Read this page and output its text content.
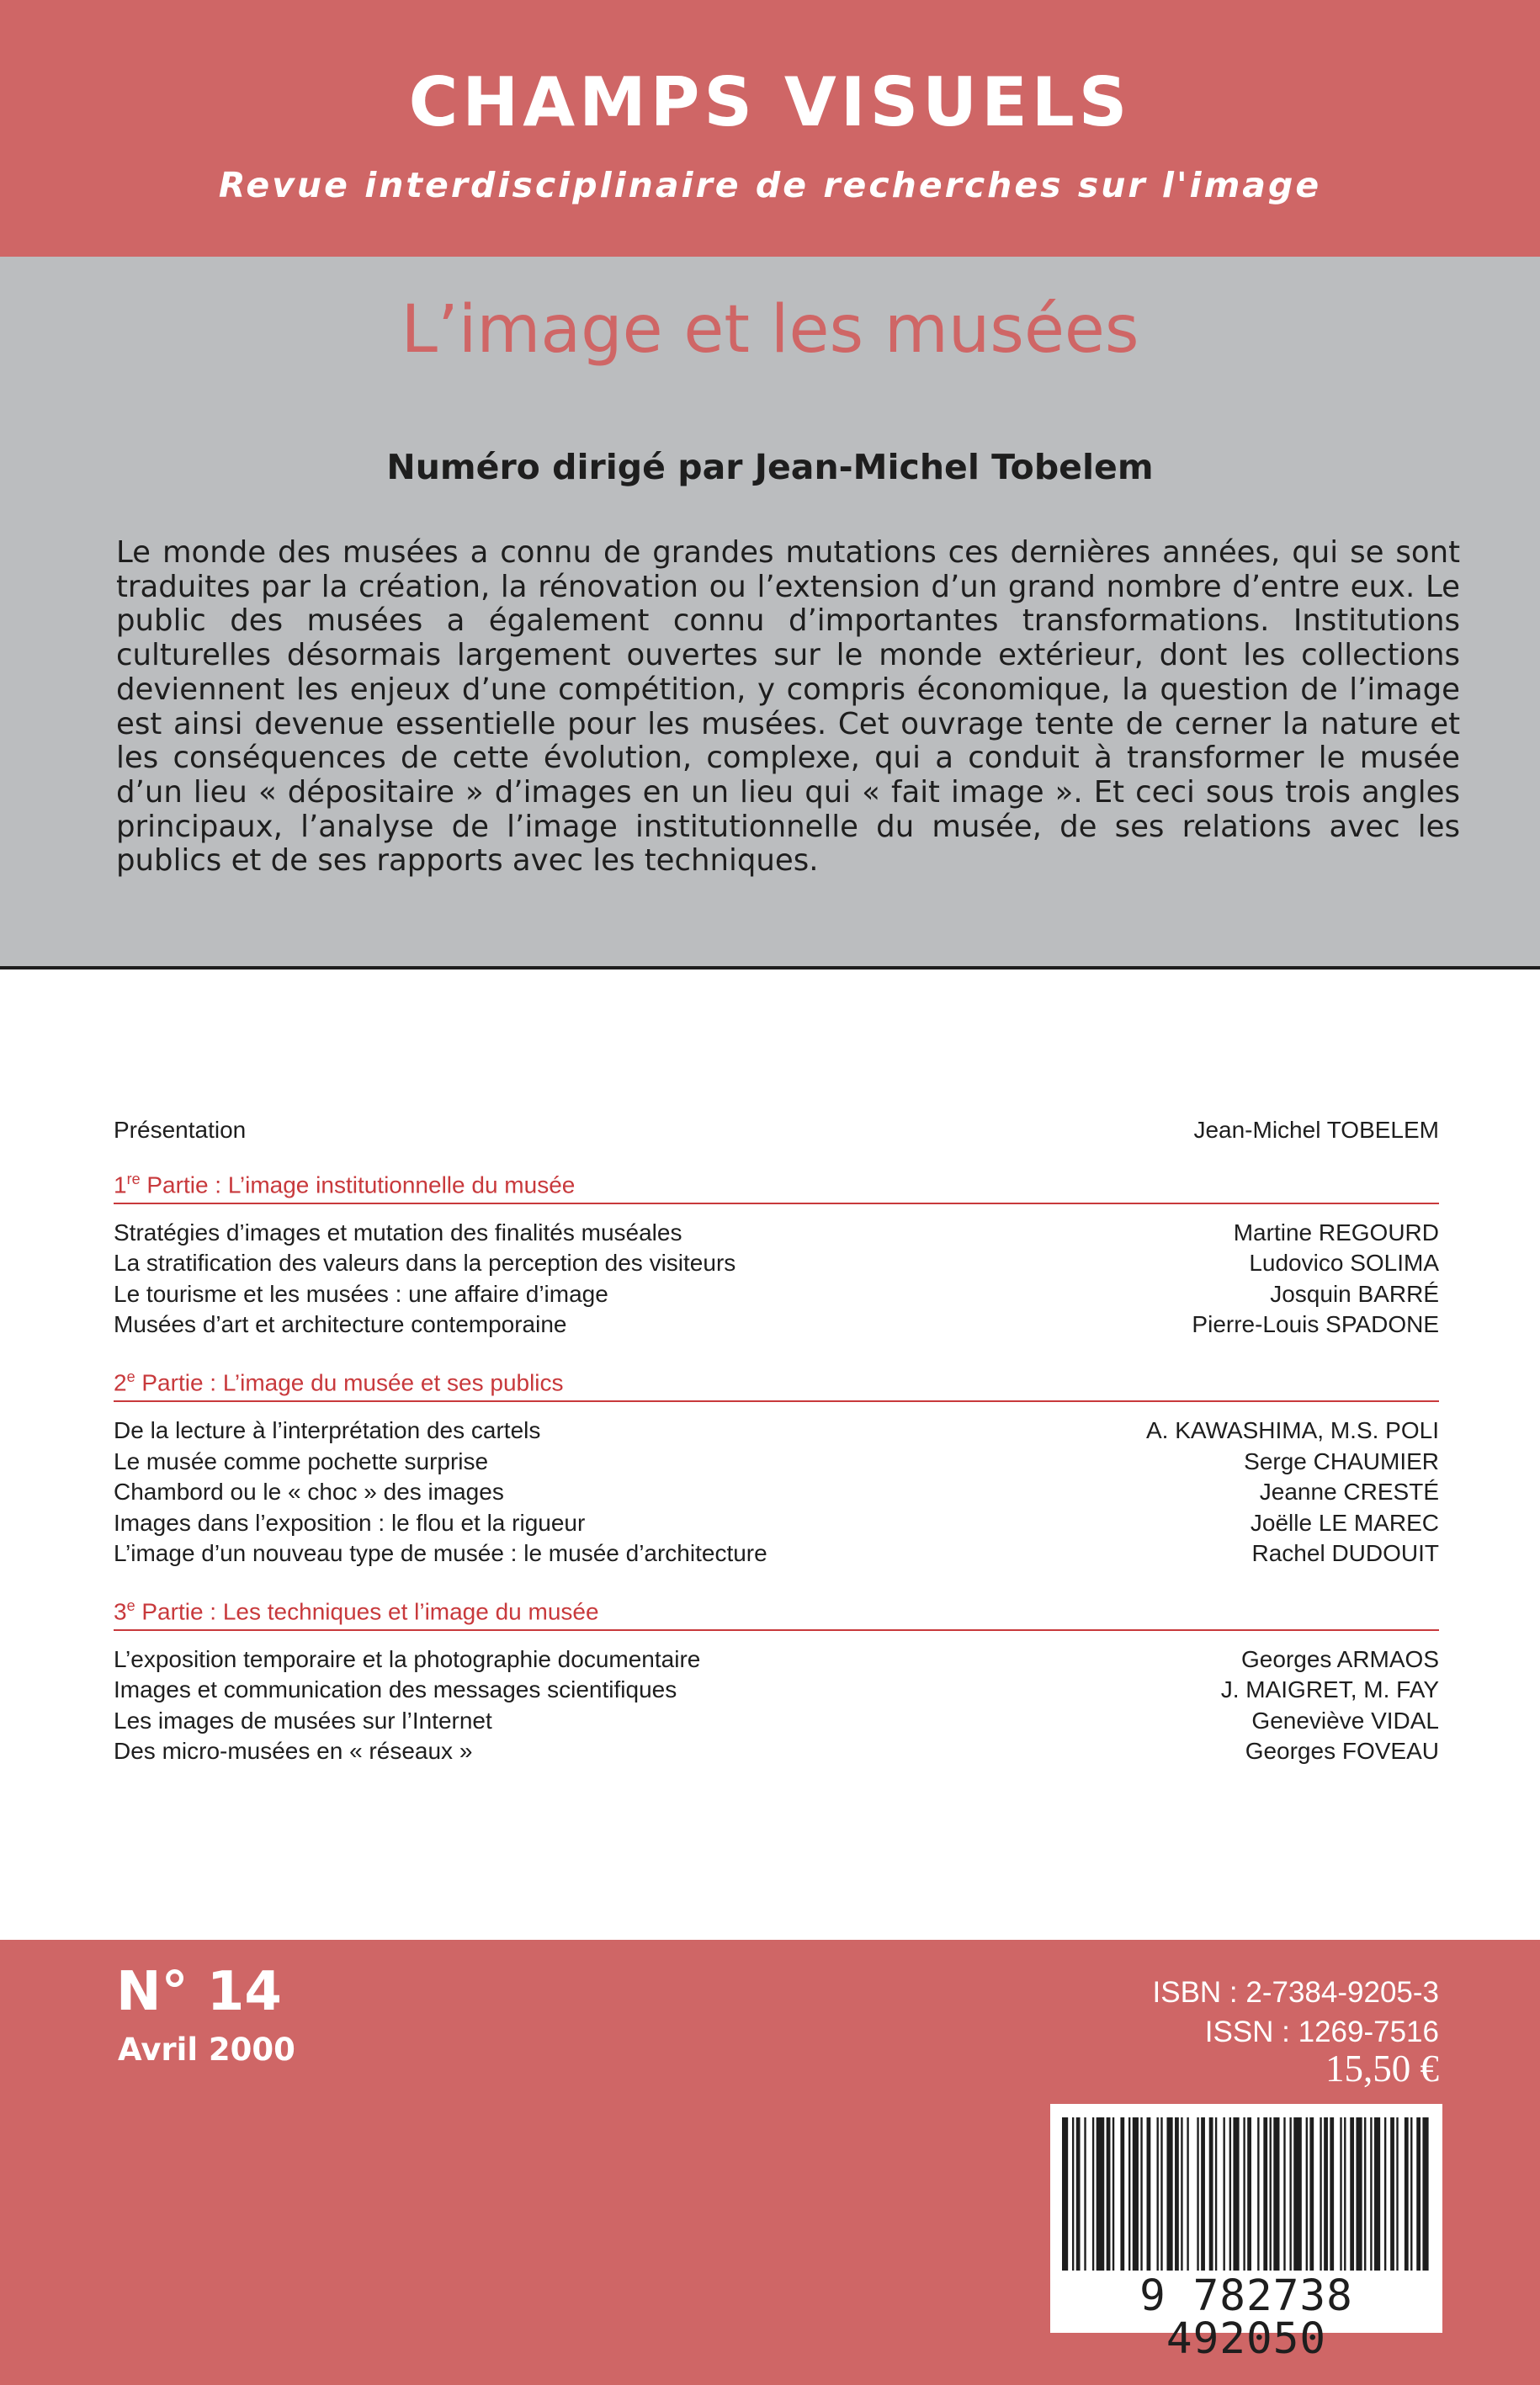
CHAMPS VISUELS
Revue interdisciplinaire de recherches sur l'image
L’image et les musées
Numéro dirigé par Jean-Michel Tobelem
Le monde des musées a connu de grandes mutations ces dernières années, qui se sont traduites par la création, la rénovation ou l’extension d’un grand nombre d’entre eux. Le public des musées a également connu d’importantes transformations. Institutions culturelles désormais largement ouvertes sur le monde extérieur, dont les collections deviennent les enjeux d’une compétition, y compris économique, la question de l’image est ainsi devenue essentielle pour les musées. Cet ouvrage tente de cerner la nature et les conséquences de cette évolution, complexe, qui a conduit à transformer le musée d’un lieu « dépositaire » d’images en un lieu qui « fait image ». Et ceci sous trois angles principaux, l’analyse de l’image institutionnelle du musée, de ses relations avec les publics et de ses rapports avec les techniques.
Présentation	Jean-Michel TOBELEM
1re Partie : L’image institutionnelle du musée
Stratégies d’images et mutation des finalités muséales	Martine REGOURD
La stratification des valeurs dans la perception des visiteurs	Ludovico SOLIMA
Le tourisme et les musées : une affaire d’image	Josquin BARRÉ
Musées d’art et architecture contemporaine	Pierre-Louis SPADONE
2e Partie : L’image du musée et ses publics
De la lecture à l’interprétation des cartels	A. KAWASHIMA, M.S. POLI
Le musée comme pochette surprise	Serge CHAUMIER
Chambord ou le « choc » des images	Jeanne CRESTÉ
Images dans l’exposition : le flou et la rigueur	Joëlle LE MAREC
L’image d’un nouveau type de musée : le musée d’architecture	Rachel DUDOUIT
3e Partie : Les techniques et l’image du musée
L’exposition temporaire et la photographie documentaire	Georges ARMAOS
Images et communication des messages scientifiques	J. MAIGRET, M. FAY
Les images de musées sur l’Internet	Geneviève VIDAL
Des micro-musées en « réseaux »	Georges FOVEAU
N° 14
Avril 2000
ISBN : 2-7384-9205-3
ISSN : 1269-7516
15,50 €
9 782738 492050
